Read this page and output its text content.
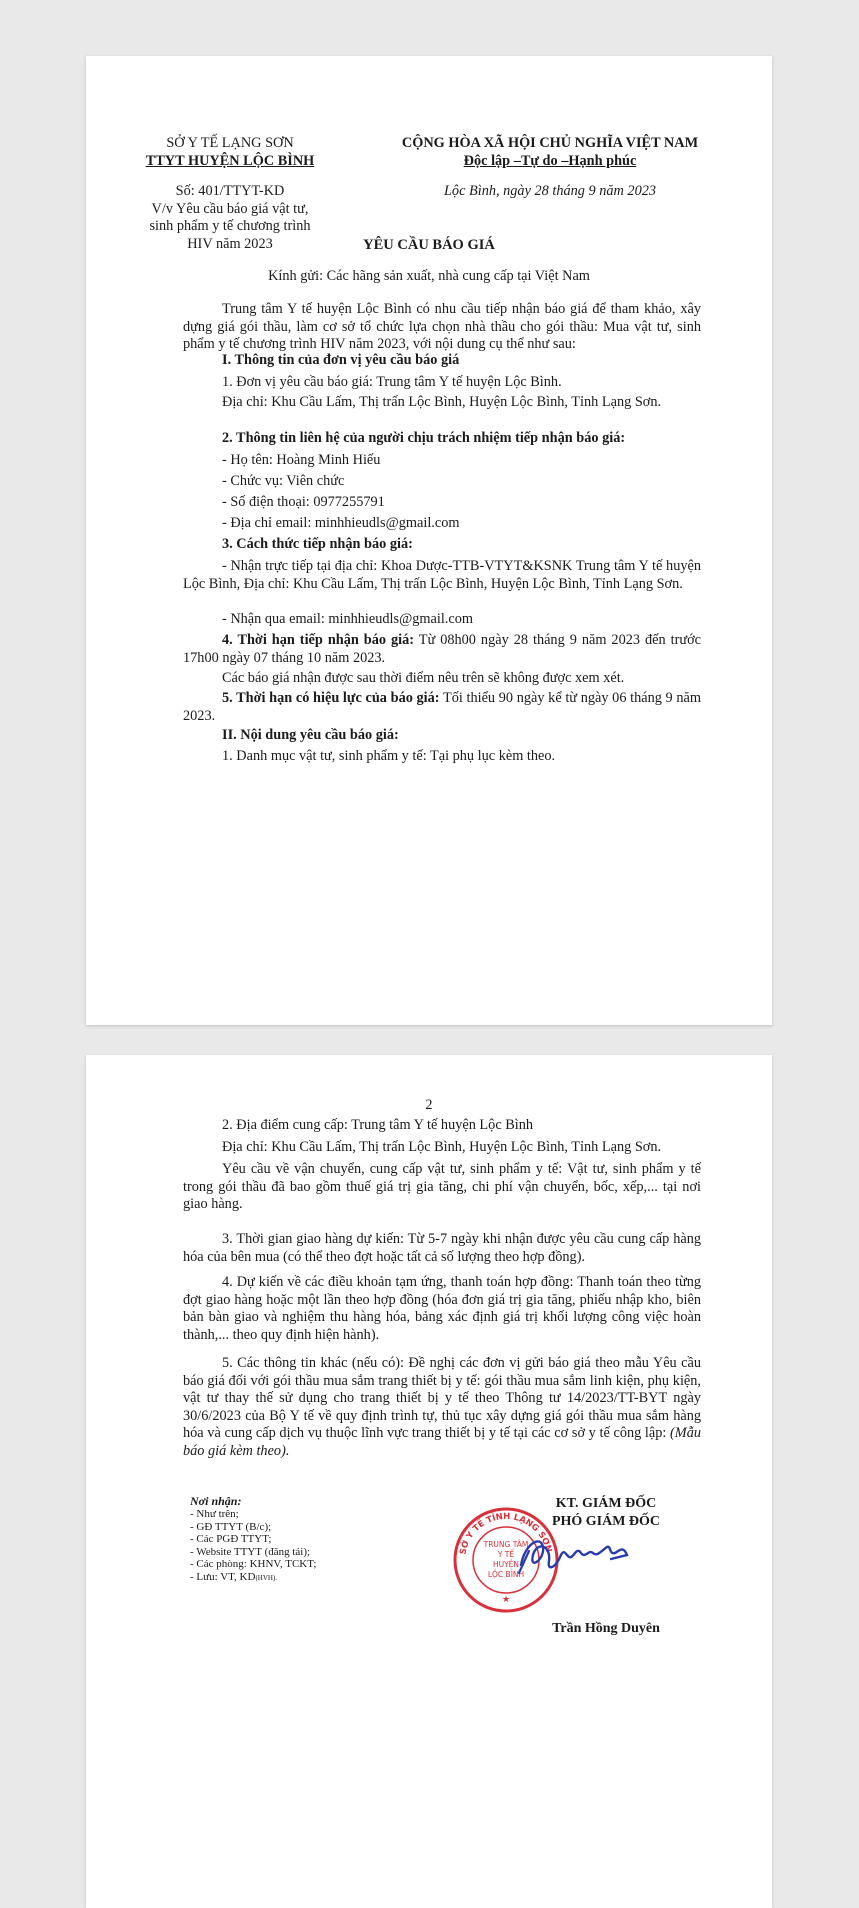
SỞ Y TẾ LẠNG SƠN
TTYT HUYỆN LỘC BÌNH
Số: 401/TTYT-KD
V/v Yêu cầu báo giá vật tư,
sinh phẩm y tế chương trình
HIV năm 2023
CỘNG HÒA XÃ HỘI CHỦ NGHĨA VIỆT NAM
Độc lập –Tự do –Hạnh phúc
Lộc Bình, ngày 28 tháng 9 năm 2023
YÊU CẦU BÁO GIÁ
Kính gửi: Các hãng sản xuất, nhà cung cấp tại Việt Nam
Trung tâm Y tế huyện Lộc Bình có nhu cầu tiếp nhận báo giá để tham khảo, xây dựng giá gói thầu, làm cơ sở tổ chức lựa chọn nhà thầu cho gói thầu: Mua vật tư, sinh phẩm y tế chương trình HIV năm 2023, với nội dung cụ thể như sau:
I. Thông tin của đơn vị yêu cầu báo giá
1. Đơn vị yêu cầu báo giá: Trung tâm Y tế huyện Lộc Bình.
Địa chỉ: Khu Cầu Lấm, Thị trấn Lộc Bình, Huyện Lộc Bình, Tỉnh Lạng Sơn.
2. Thông tin liên hệ của người chịu trách nhiệm tiếp nhận báo giá:
- Họ tên: Hoàng Minh Hiếu
- Chức vụ: Viên chức
- Số điện thoại: 0977255791
- Địa chỉ email: minhhieudls@gmail.com
3. Cách thức tiếp nhận báo giá:
- Nhận trực tiếp tại địa chỉ: Khoa Dược-TTB-VTYT&KSNK Trung tâm Y tế huyện Lộc Bình, Địa chỉ: Khu Cầu Lấm, Thị trấn Lộc Bình, Huyện Lộc Bình, Tỉnh Lạng Sơn.
- Nhận qua email: minhhieudls@gmail.com
4. Thời hạn tiếp nhận báo giá: Từ 08h00 ngày 28 tháng 9 năm 2023 đến trước 17h00 ngày 07 tháng 10 năm 2023.
Các báo giá nhận được sau thời điểm nêu trên sẽ không được xem xét.
5. Thời hạn có hiệu lực của báo giá: Tối thiểu 90 ngày kể từ ngày 06 tháng 9 năm 2023.
II. Nội dung yêu cầu báo giá:
1. Danh mục vật tư, sinh phẩm y tế: Tại phụ lục kèm theo.
2
2. Địa điểm cung cấp: Trung tâm Y tế huyện Lộc Bình
Địa chỉ: Khu Cầu Lấm, Thị trấn Lộc Bình, Huyện Lộc Bình, Tỉnh Lạng Sơn.
Yêu cầu về vận chuyển, cung cấp vật tư, sinh phẩm y tế: Vật tư, sinh phẩm y tế trong gói thầu đã bao gồm thuế giá trị gia tăng, chi phí vận chuyển, bốc, xếp,... tại nơi giao hàng.
3. Thời gian giao hàng dự kiến: Từ 5-7 ngày khi nhận được yêu cầu cung cấp hàng hóa của bên mua (có thể theo đợt hoặc tất cả số lượng theo hợp đồng).
4. Dự kiến về các điều khoản tạm ứng, thanh toán hợp đồng: Thanh toán theo từng đợt giao hàng hoặc một lần theo hợp đồng (hóa đơn giá trị gia tăng, phiếu nhập kho, biên bản bàn giao và nghiệm thu hàng hóa, bảng xác định giá trị khối lượng công việc hoàn thành,... theo quy định hiện hành).
5. Các thông tin khác (nếu có): Đề nghị các đơn vị gửi báo giá theo mẫu Yêu cầu báo giá đối với gói thầu mua sắm trang thiết bị y tế: gói thầu mua sắm linh kiện, phụ kiện, vật tư thay thế sử dụng cho trang thiết bị y tế theo Thông tư 14/2023/TT-BYT ngày 30/6/2023 của Bộ Y tế về quy định trình tự, thủ tục xây dựng giá gói thầu mua sắm hàng hóa và cung cấp dịch vụ thuộc lĩnh vực trang thiết bị y tế tại các cơ sở y tế công lập: (Mẫu báo giá kèm theo).
Nơi nhận:
- Như trên;
- GĐ TTYT (B/c);
- Các PGĐ TTYT;
- Website TTYT (đăng tải);
- Các phòng: KHNV, TCKT;
- Lưu: VT, KD(HVH).
KT. GIÁM ĐỐC
PHÓ GIÁM ĐỐC
SỞ Y TẾ TỈNH LẠNG SƠN
TRUNG TÂM
Y TẾ
HUYỆN
LỘC BÌNH
★
Trần Hồng Duyên
